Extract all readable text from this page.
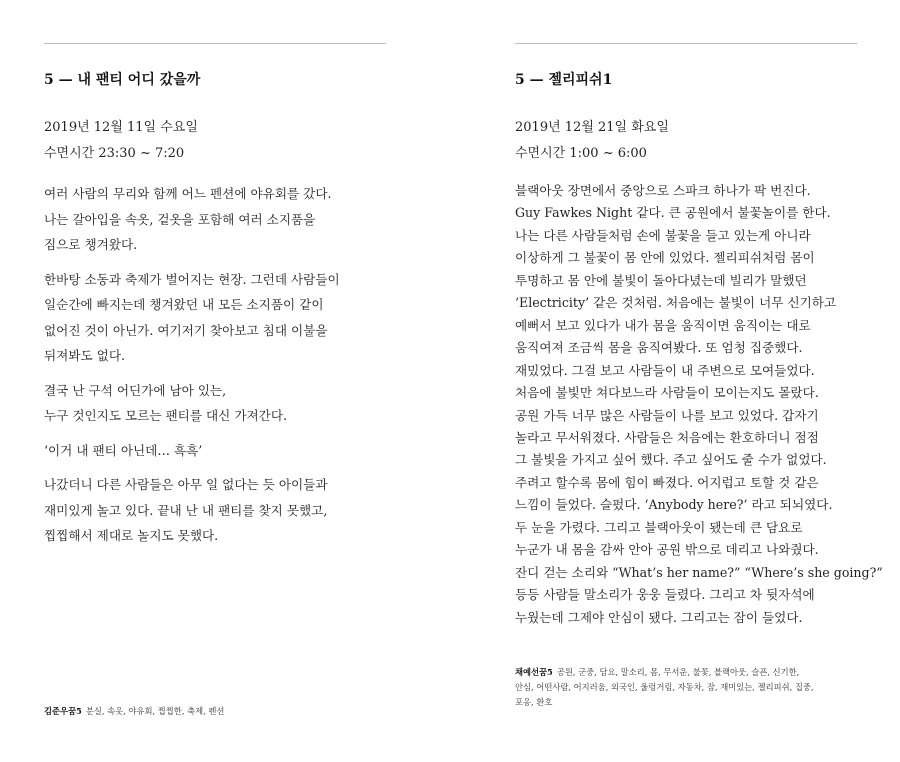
5 — 내 팬티 어디 갔을까
2019년 12월 11일 수요일
수면시간 23:30 ~ 7:20

여러 사람의 무리와 함께 어느 펜션에 야유회를 갔다.
나는 갈아입을 속옷, 겉옷을 포함해 여러 소지품을
짐으로 챙겨왔다.

한바탕 소동과 축제가 벌어지는 현장. 그런데 사람들이
일순간에 빠지는데 챙겨왔던 내 모든 소지품이 같이
없어진 것이 아닌가. 여기저기 찾아보고 침대 이불을
뒤져봐도 없다.

결국 난 구석 어딘가에 남아 있는,
누구 것인지도 모르는 팬티를 대신 가져간다.

‘이거 내 팬티 아닌데… 흑흑’

나갔더니 다른 사람들은 아무 일 없다는 듯 아이들과
재미있게 놀고 있다. 끝내 난 내 팬티를 찾지 못했고,
찝찝해서 제대로 놀지도 못했다.

김준우꿈5 분실, 속옷, 야유회, 찝찝한, 축제, 펜션
5 — 젤리피쉬1
2019년 12월 21일 화요일
수면시간 1:00 ~ 6:00
블랙아웃 장면에서 중앙으로 스파크 하나가 팍 번진다.
Guy Fawkes Night 같다. 큰 공원에서 불꽃놀이를 한다.
나는 다른 사람들처럼 손에 불꽃을 들고 있는게 아니라
이상하게 그 불꽃이 몸 안에 있었다. 젤리피쉬처럼 몸이
투명하고 몸 안에 불빛이 돌아다녔는데 빌리가 말했던
‘Electricity’ 같은 것처럼. 처음에는 불빛이 너무 신기하고
예뻐서 보고 있다가 내가 몸을 움직이면 움직이는 대로
움직여져 조금씩 몸을 움직여봤다. 또 엄청 집중했다.
재밌었다. 그걸 보고 사람들이 내 주변으로 모여들었다.
처음에 불빛만 쳐다보느라 사람들이 모이는지도 몰랐다.
공원 가득 너무 많은 사람들이 나를 보고 있었다. 갑자기
놀라고 무서워졌다. 사람들은 처음에는 환호하더니 점점
그 불빛을 가지고 싶어 했다. 주고 싶어도 줄 수가 없었다.
주려고 할수록 몸에 힘이 빠졌다. 어지럽고 토할 것 같은
느낌이 들었다. 슬펐다. ‘Anybody here?’ 라고 되뇌였다.
두 눈을 가렸다. 그리고 블랙아웃이 됐는데 큰 담요로
누군가 내 몸을 감싸 안아 공원 밖으로 데리고 나와줬다.
잔디 걷는 소리와 “What’s her name?” “Where’s she going?”
등등 사람들 말소리가 웅웅 들렸다. 그리고 차 뒷자석에
누웠는데 그제야 안심이 됐다. 그리고는 잠이 들었다.
채예선꿈5 공원, 군중, 담요, 말소리, 몸, 무서운, 불꽃, 블랙아웃, 슬픈, 신기한,
안심, 어떤사람, 어지러움, 외국인, 울렁거림, 자동차, 잠, 재미있는, 젤리피쉬, 집중,
포옹, 환호
